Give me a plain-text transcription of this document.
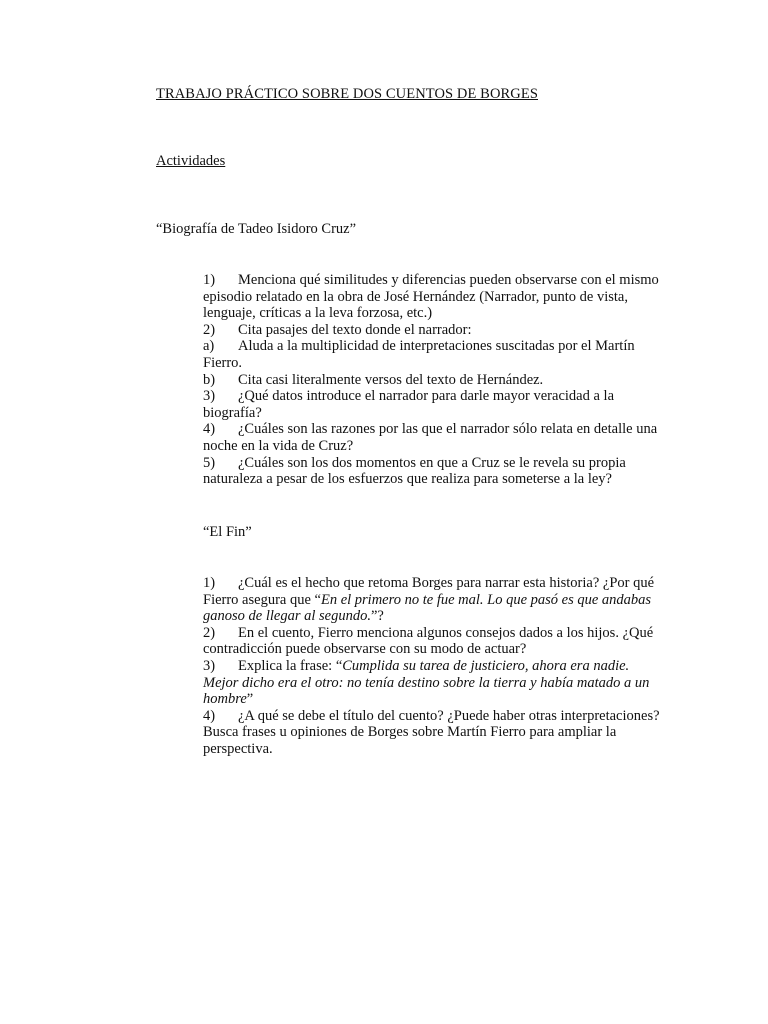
TRABAJO PRÁCTICO SOBRE DOS CUENTOS DE BORGES
Actividades
“Biografía de Tadeo Isidoro Cruz”

1) Menciona qué similitudes y diferencias pueden observarse con el mismo episodio relatado en la obra de José Hernández (Narrador, punto de vista, lenguaje, críticas a la leva forzosa, etc.)

2) Cita pasajes del texto donde el narrador:

a) Aluda a la multiplicidad de interpretaciones suscitadas por el Martín Fierro.

b) Cita casi literalmente versos del texto de Hernández.

3) ¿Qué datos introduce el narrador para darle mayor veracidad a la biografía?

4) ¿Cuáles son las razones por las que el narrador sólo relata en detalle una noche en la vida de Cruz?

5) ¿Cuáles son los dos momentos en que a Cruz se le revela su propia naturaleza a pesar de los esfuerzos que realiza para someterse a la ley?

“El Fin”

1) ¿Cuál es el hecho que retoma Borges para narrar esta historia? ¿Por qué Fierro asegura que “En el primero no te fue mal. Lo que pasó es que andabas ganoso de llegar al segundo.”?

2) En el cuento, Fierro menciona algunos consejos dados a los hijos. ¿Qué contradicción puede observarse con su modo de actuar?

3) Explica la frase: “Cumplida su tarea de justiciero, ahora era nadie. Mejor dicho era el otro: no tenía destino sobre la tierra y había matado a un hombre”

4) ¿A qué se debe el título del cuento? ¿Puede haber otras interpretaciones? Busca frases u opiniones de Borges sobre Martín Fierro para ampliar la perspectiva.
